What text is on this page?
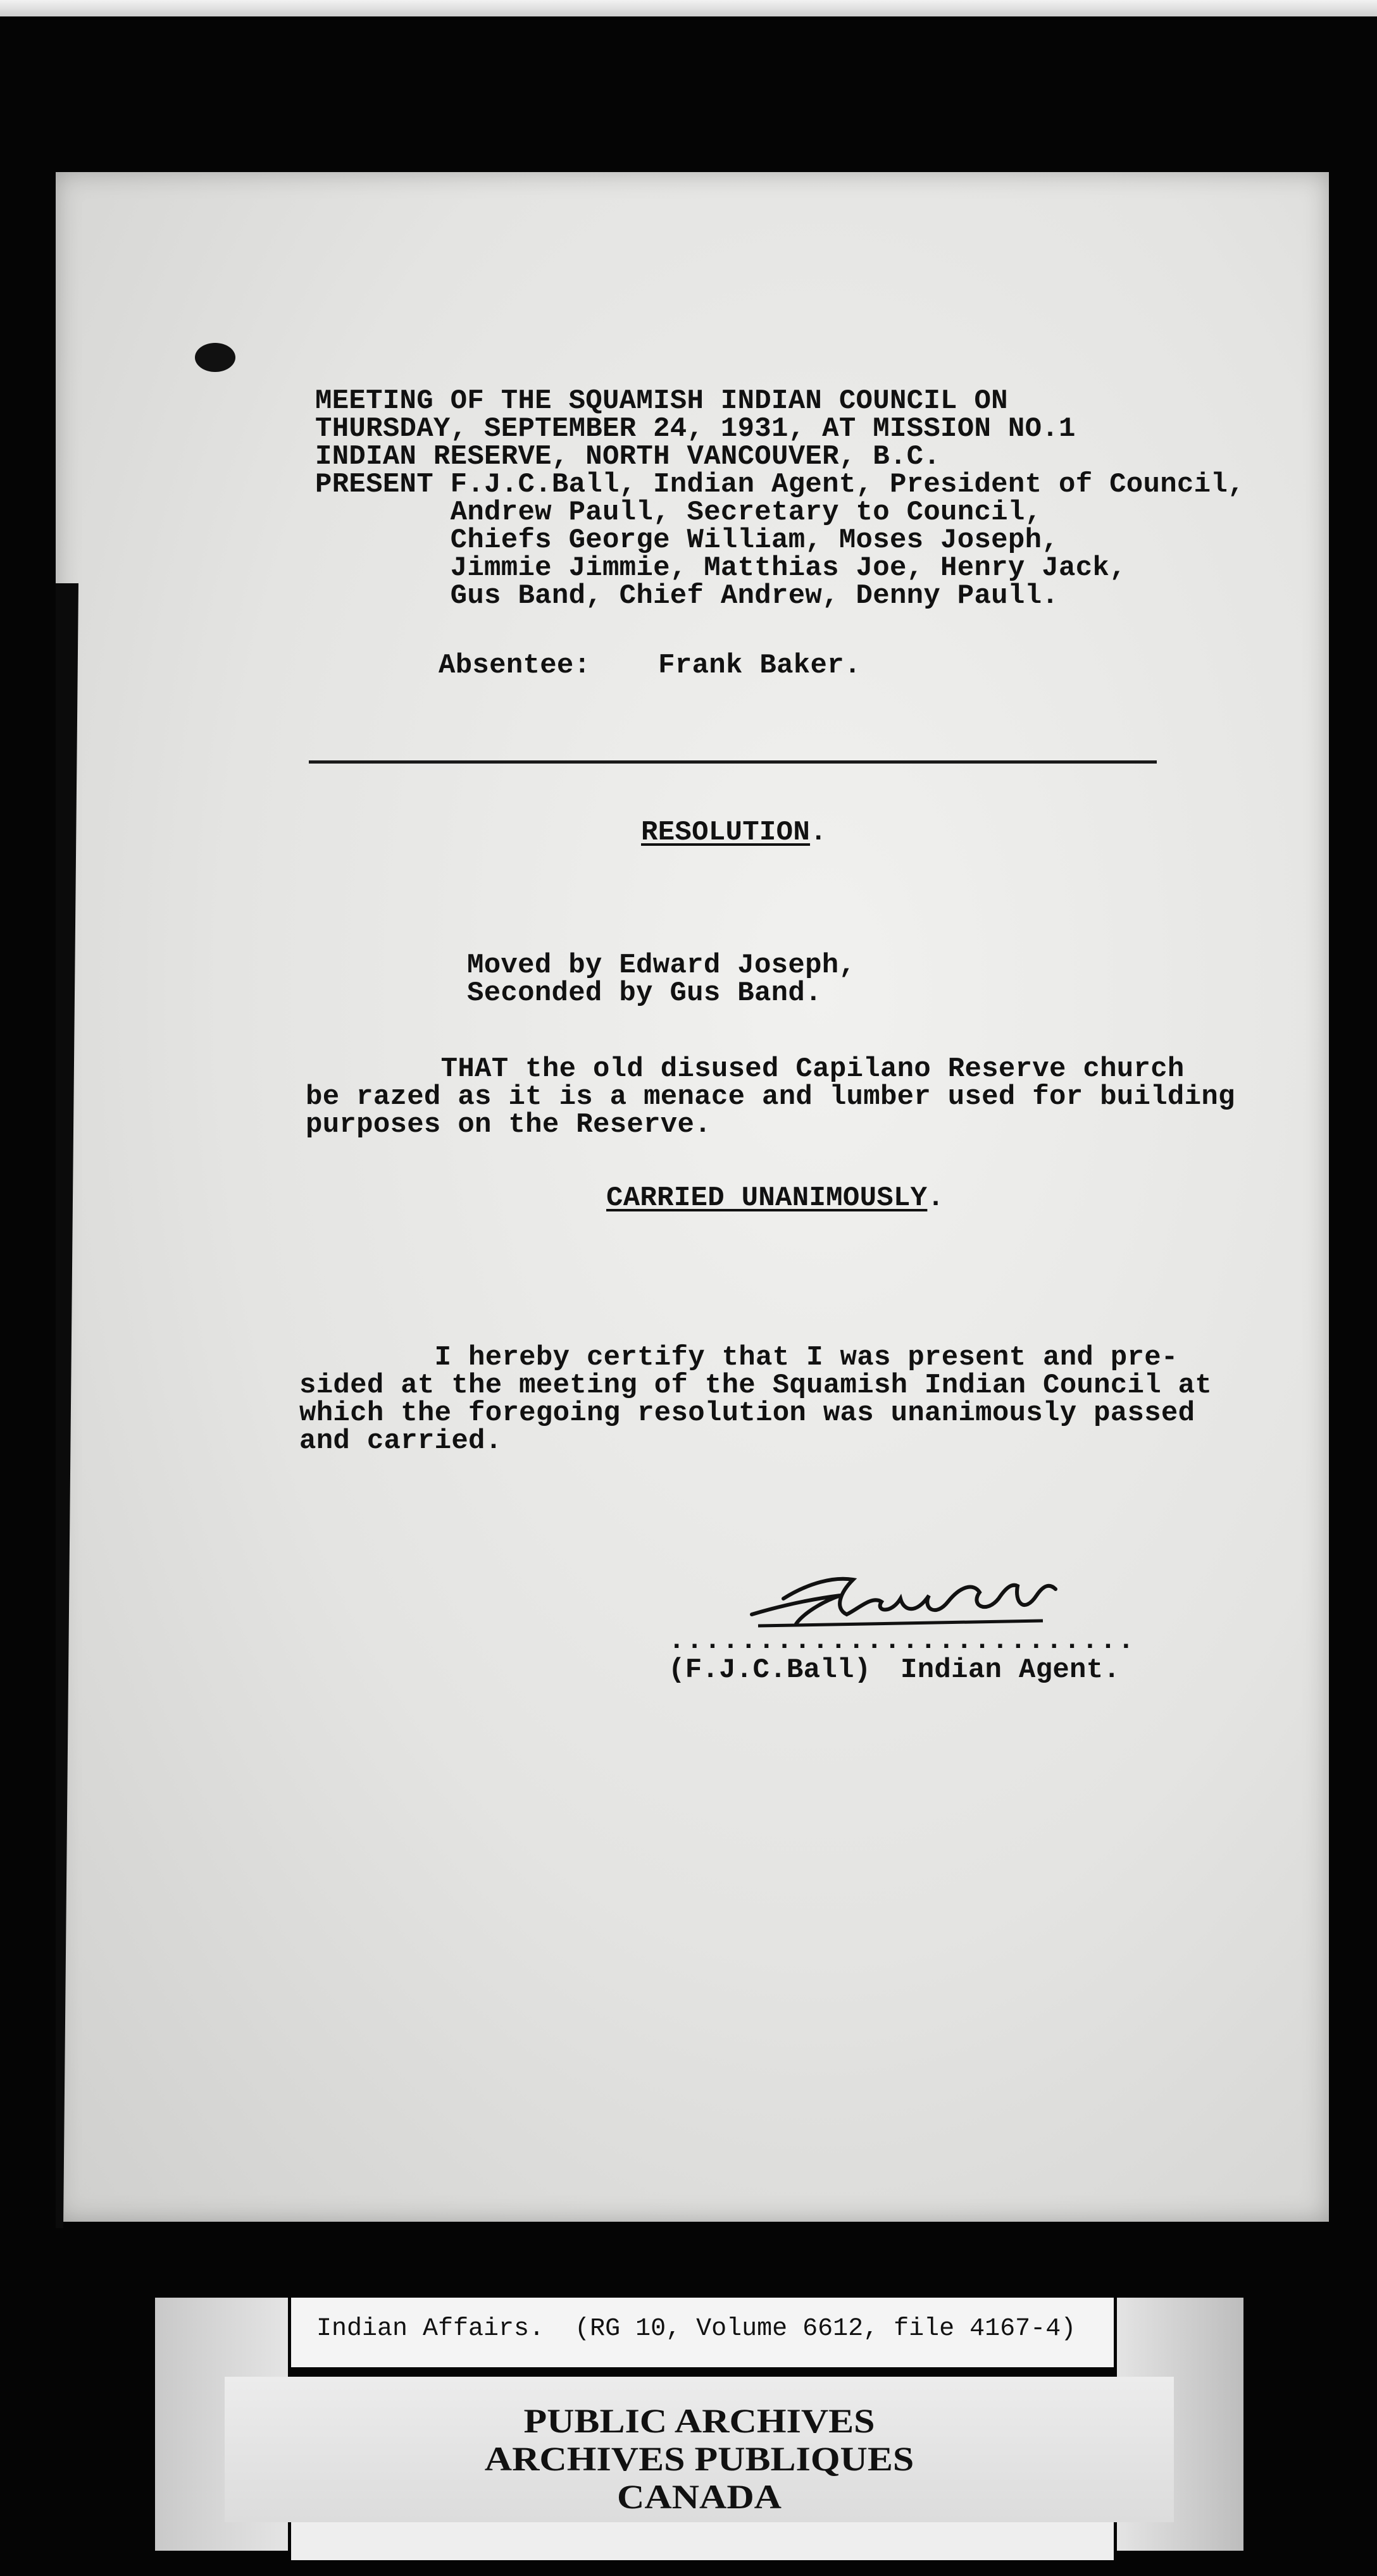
MEETING OF THE SQUAMISH INDIAN COUNCIL ON

THURSDAY, SEPTEMBER 24, 1931, AT MISSION NO.1

INDIAN RESERVE, NORTH VANCOUVER, B.C.

PRESENT F.J.C.Ball, Indian Agent, President of Council,

Andrew Paull, Secretary to Council,

Chiefs George William, Moses Joseph,

Jimmie Jimmie, Matthias Joe, Henry Jack,

Gus Band, Chief Andrew, Denny Paull.

Absentee:    Frank Baker.

RESOLUTION.

Moved by Edward Joseph,

Seconded by Gus Band.

THAT the old disused Capilano Reserve church

be razed as it is a menace and lumber used for building

purposes on the Reserve.

CARRIED UNANIMOUSLY.

I hereby certify that I was present and pre-

sided at the meeting of the Squamish Indian Council at

which the foregoing resolution was unanimously passed

and carried.

..........................

(F.J.C.Ball) Indian Agent.

PUBLIC ARCHIVES

ARCHIVES PUBLIQUES

CANADA

Indian Affairs.  (RG 10, Volume 6612, file 4167-4)
